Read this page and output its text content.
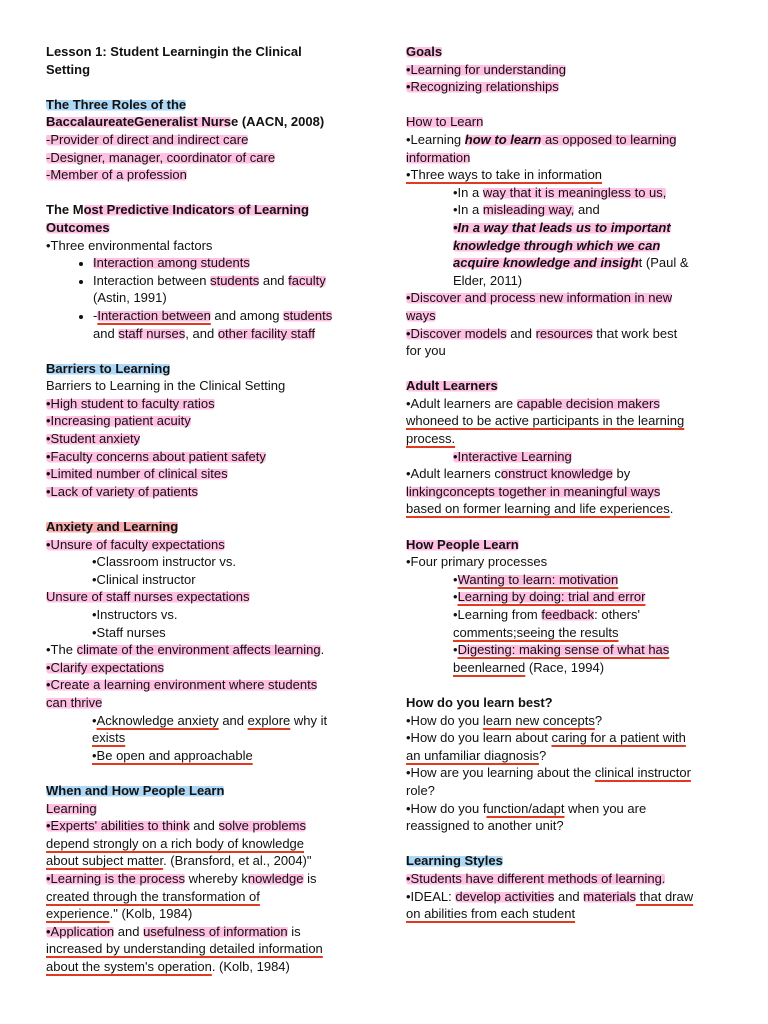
Lesson 1: Student Learningin the Clinical
Setting
The Three Roles of the
BaccalaureateGeneralist Nurse (AACN, 2008)
-Provider of direct and indirect care
-Designer, manager, coordinator of care
-Member of a profession
The Most Predictive Indicators of Learning
Outcomes
•Three environmental factors
• Interaction among students
• Interaction between students and faculty
(Astin, 1991)
• -Interaction between and among students
and staff nurses, and other facility staff
Barriers to Learning
Barriers to Learning in the Clinical Setting
•High student to faculty ratios
•Increasing patient acuity
•Student anxiety
•Faculty concerns about patient safety
•Limited number of clinical sites
•Lack of variety of patients
Anxiety and Learning
•Unsure of faculty expectations
•Classroom instructor vs.
•Clinical instructor
Unsure of staff nurses expectations
•Instructors vs.
•Staff nurses
•The climate of the environment affects learning.
•Clarify expectations
•Create a learning environment where students
can thrive
•Acknowledge anxiety and explore why it
exists
•Be open and approachable
When and How People Learn
Learning
•Experts' abilities to think and solve problems
depend strongly on a rich body of knowledge
about subject matter. (Bransford, et al., 2004)"
•Learning is the process whereby knowledge is
created through the transformation of
experience." (Kolb, 1984)
•Application and usefulness of information is
increased by understanding detailed information
about the system's operation. (Kolb, 1984)
Goals
•Learning for understanding
•Recognizing relationships
How to Learn
•Learning how to learn as opposed to learning
information
•Three ways to take in information
•In a way that it is meaningless to us,
•In a misleading way, and
•In a way that leads us to important
knowledge through which we can
acquire knowledge and insight (Paul &
Elder, 2011)
•Discover and process new information in new
ways
•Discover models and resources that work best
for you
Adult Learners
•Adult learners are capable decision makers
whoneed to be active participants in the learning
process.
•Interactive Learning
•Adult learners construct knowledge by
linkingconcepts together in meaningful ways
based on former learning and life experiences.
How People Learn
•Four primary processes
•Wanting to learn: motivation
•Learning by doing: trial and error
•Learning from feedback: others'
comments;seeing the results
•Digesting: making sense of what has
beenlearned (Race, 1994)
How do you learn best?
•How do you learn new concepts?
•How do you learn about caring for a patient with
an unfamiliar diagnosis?
•How are you learning about the clinical instructor
role?
•How do you function/adapt when you are
reassigned to another unit?
Learning Styles
•Students have different methods of learning.
•IDEAL: develop activities and materials that draw
on abilities from each student
